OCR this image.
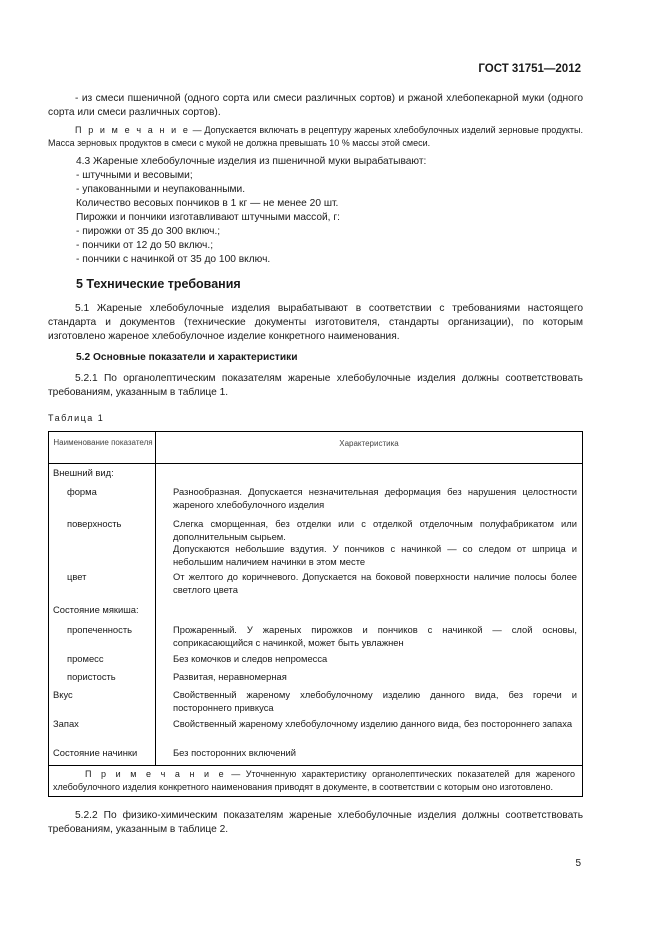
ГОСТ 31751—2012

- из смеси пшеничной (одного сорта или смеси различных сортов) и ржаной хлебопекарной муки (одного сорта или смеси различных сортов).

П р и м е ч а н и е — Допускается включать в рецептуру жареных хлебобулочных изделий зерновые продукты. Масса зерновых продуктов в смеси с мукой не должна превышать 10 % массы этой смеси.

4.3 Жареные хлебобулочные изделия из пшеничной муки вырабатывают:
- штучными и весовыми;
- упакованными и неупакованными.
Количество весовых пончиков в 1 кг — не менее 20 шт.
Пирожки и пончики изготавливают штучными массой, г:
- пирожки от 35 до 300 включ.;
- пончики от 12 до 50 включ.;
- пончики с начинкой от 35 до 100 включ.
5 Технические требования

5.1 Жареные хлебобулочные изделия вырабатывают в соответствии с требованиями настоящего стандарта и документов (технические документы изготовителя, стандарты организации), по которым изготовлено жареное хлебобулочное изделие конкретного наименования.

5.2 Основные показатели и характеристики

5.2.1 По органолептическим показателям жареные хлебобулочные изделия должны соответствовать требованиям, указанным в таблице 1.

Таблица 1
Наименование показателя	Характеристика
Внешний вид:
форма	Разнообразная. Допускается незначительная деформация без нарушения целостности жареного хлебобулочного изделия

поверхность	Слегка сморщенная, без отделки или с отделкой отделочным полуфабрикатом или дополнительным сырьем.

Допускаются небольшие вздутия. У пончиков с начинкой — со следом от шприца и небольшим наличием начинки в этом месте

цвет	От желтого до коричневого. Допускается на боковой поверхности наличие полосы более светлого цвета

Состояние мякиша:
пропеченность	Прожаренный. У жареных пирожков и пончиков с начинкой — слой основы, соприкасающийся с начинкой, может быть увлажнен

промесс	Без комочков и следов непромесса

пористость	Развитая, неравномерная

Вкус	Свойственный жареному хлебобулочному изделию данного вида, без горечи и постороннего привкуса

Запах	Свойственный жареному хлебобулочному изделию данного вида, без постороннего запаха

Состояние начинки	Без посторонних включений

П р и м е ч а н и е — Уточненную характеристику органолептических показателей для жареного хлебобулочного изделия конкретного наименования приводят в документе, в соответствии с которым оно изготовлено.

5.2.2 По физико-химическим показателям жареные хлебобулочные изделия должны соответствовать требованиям, указанным в таблице 2.

5
